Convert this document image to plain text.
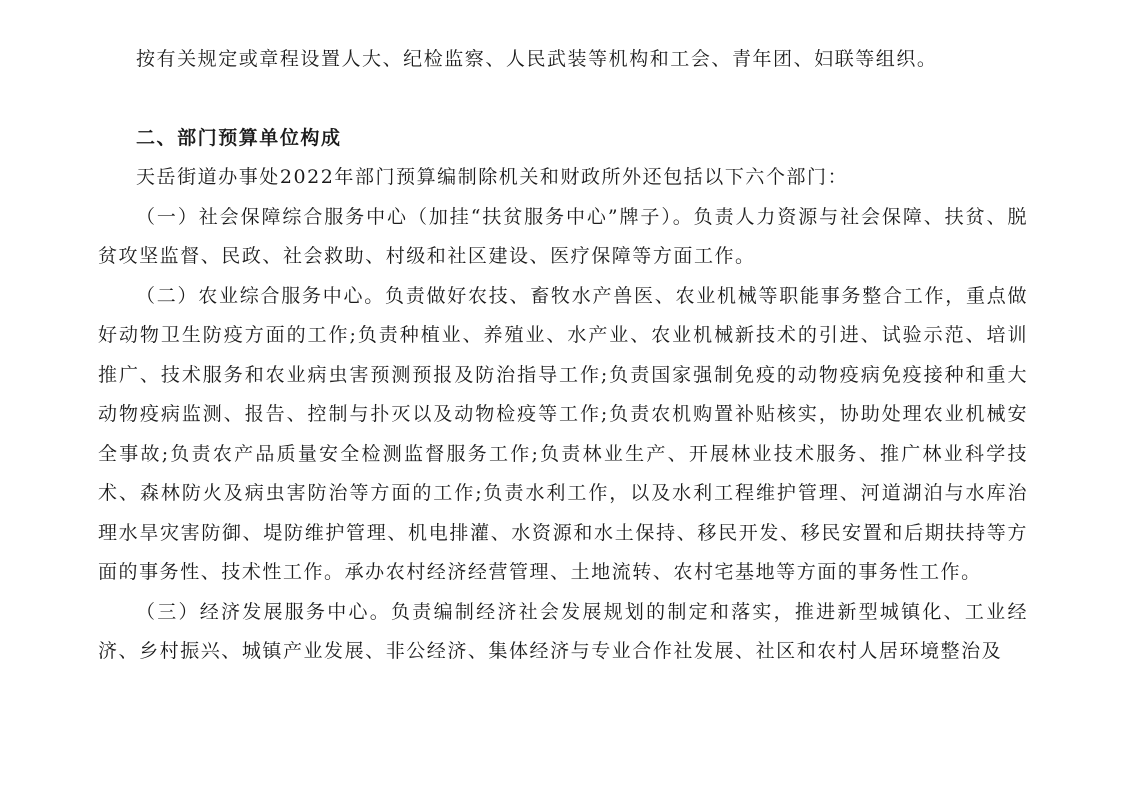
按有关规定或章程设置人大、纪检监察、人民武装等机构和工会、青年团、妇联等组织。

二、部门预算单位构成

天岳街道办事处2022年部门预算编制除机关和财政所外还包括以下六个部门：

（一）社会保障综合服务中心（加挂“扶贫服务中心”牌子）。负责人力资源与社会保障、扶贫、脱贫攻坚监督、民政、社会救助、村级和社区建设、医疗保障等方面工作。

（二）农业综合服务中心。负责做好农技、畜牧水产兽医、农业机械等职能事务整合工作，重点做好动物卫生防疫方面的工作;负责种植业、养殖业、水产业、农业机械新技术的引进、试验示范、培训推广、技术服务和农业病虫害预测预报及防治指导工作;负责国家强制免疫的动物疫病免疫接种和重大动物疫病监测、报告、控制与扑灭以及动物检疫等工作;负责农机购置补贴核实，协助处理农业机械安全事故;负责农产品质量安全检测监督服务工作;负责林业生产、开展林业技术服务、推广林业科学技术、森林防火及病虫害防治等方面的工作;负责水利工作，以及水利工程维护管理、河道湖泊与水库治理水旱灾害防御、堤防维护管理、机电排灌、水资源和水土保持、移民开发、移民安置和后期扶持等方面的事务性、技术性工作。承办农村经济经营管理、土地流转、农村宅基地等方面的事务性工作。

（三）经济发展服务中心。负责编制经济社会发展规划的制定和落实，推进新型城镇化、工业经济、乡村振兴、城镇产业发展、非公经济、集体经济与专业合作社发展、社区和农村人居环境整治及
